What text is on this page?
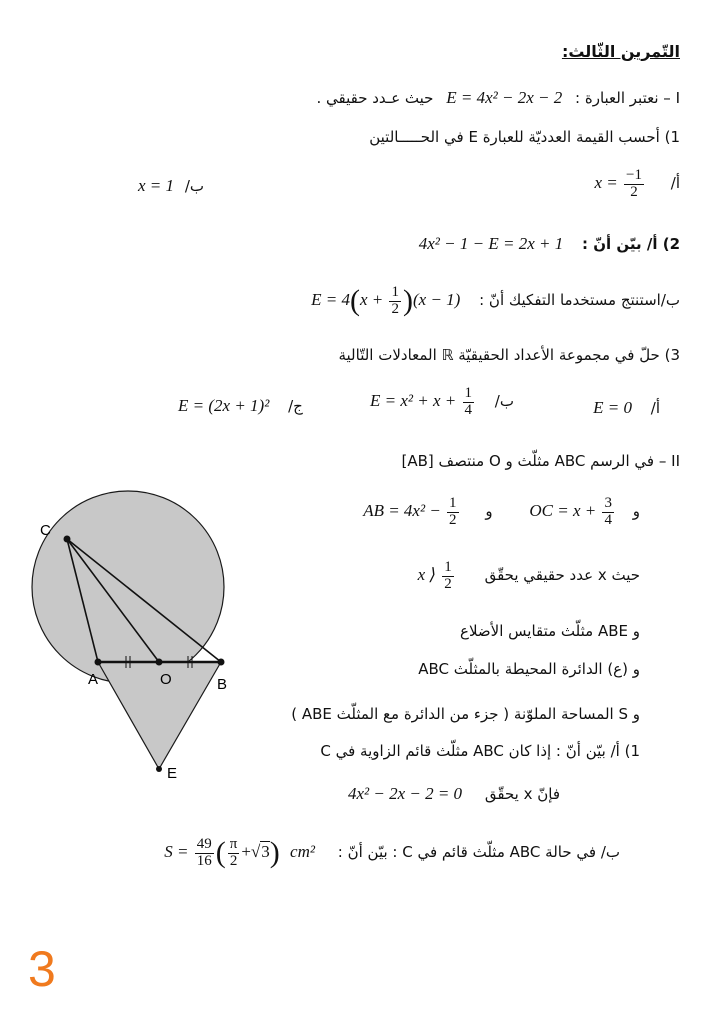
التّمرين الثّالث:
I – نعتبر العبارة : E = 4x² − 2x − 2 حيث عـدد حقيقي .
1) أحسب القيمة العدديّة للعبارة E في الحـــــالتين
أ/ $x = \frac{-1}{2}$
ب/ x = 1
2) أ/ بيّن أنّ : 4x² − 1 − E = 2x + 1
ب/استنتج مستخدما التفكيك أنّ : $E = 4(x + \frac{1}{2} )(x - 1)$
3) حلّ في مجموعة الأعداد الحقيقيّة ℝ المعادلات التّالية
أ/ E = 0
ب/ $E = x^2 + x + \frac{1}{4}$
ج/ E = (2x + 1)²
II – في الرسم ABC مثلّث و O منتصف [AB]
و OC = $x + \frac{3}{4}$
و AB = $4x^2 - \frac{1}{2}$
حيث x عدد حقيقي يحقّق x ⟩ $\frac{1}{2}$
و ABE مثلّث متقايس الأضلاع
و (ع) الدائرة المحيطة بالمثلّث ABC
و S المساحة الملوّنة ( جزء من الدائرة مع المثلّث ABE )
1) أ/ بيّن أنّ : إذا كان ABC مثلّث قائم الزاوية في C
فإنّ x يحقّق 4x² − 2x − 2 = 0
ب/ في حالة ABC مثلّث قائم في C : بيّن أنّ : $S = \frac{49}{16}$ ( $\frac{\pi}{2} +√3$) cm²
C
A	O	B
E
3
